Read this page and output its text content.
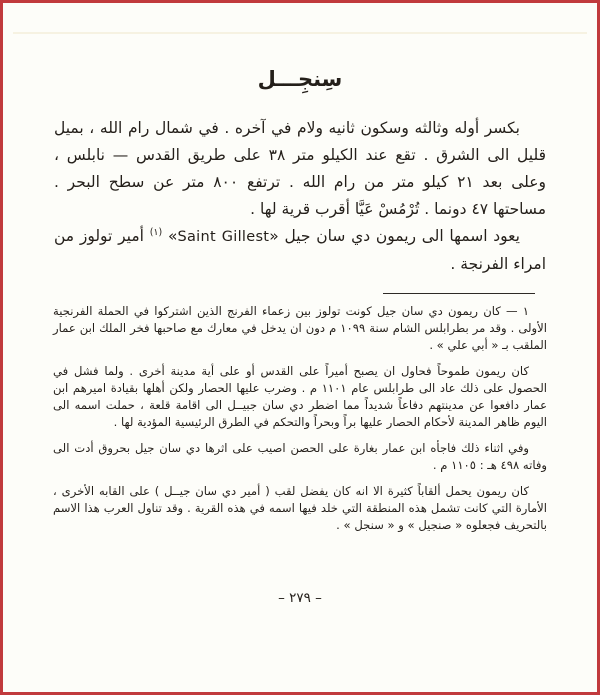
سِنجِـــل

بكسر أوله وثالثه وسكون ثانيه ولام في آخره . في شمال رام الله ، بميل قليل الى الشرق . تقع عند الكيلو متر ٣٨ على طريق القدس — نابلس ، وعلى بعد ٢١ كيلو متر من رام الله . ترتفع ٨٠٠ متر عن سطح البحر . مساحتها ٤٧ دونما . تُرْمُسْ عَيَّا أقرب قرية لها .

يعود اسمها الى ريمون دي سان جيل «Saint Gillest» $^{(١)}$ أمير تولوز من امراء الفرنجة .

١ — كان ريمون دي سان جيل كونت تولوز بين زعماء الفرنج الذين اشتركوا في الحملة الفرنجية الأولى . وقد مر بطرابلس الشام سنة ١٠٩٩ م دون ان يدخل في معارك مع صاحبها فخر الملك ابن عمار الملقب بـ « أبي علي » .

كان ريمون طموحاً فحاول ان يصبح أميراً على القدس أو على أية مدينة أخرى . ولما فشل في الحصول على ذلك عاد الى طرابلس عام ١١٠١ م . وضرب عليها الحصار ولكن أهلها بقيادة اميرهم ابن عمار دافعوا عن مدينتهم دفاعاً شديداً مما اضطر دي سان جبيــل الى اقامة قلعة ، حملت اسمه الى اليوم ظاهر المدينة لأحكام الحصار عليها براً وبحراً والتحكم في الطرق الرئيسية المؤدية لها .

وفي اثناء ذلك فاجأه ابن عمار بغارة على الحصن اصيب على اثرها دي سان جيل بحروق أدت الى وفاته ٤٩٨ هـ : ١١٠٥ م .

كان ريمون يحمل ألقاباً كثيرة الا انه كان يفضل لقب ( أمير دي سان جيــل ) على القابه الأخرى ، الأمارة التي كانت تشمل هذه المنطقة التي خلد فيها اسمه في هذه القرية . وقد تناول العرب هذا الاسم بالتحريف فجعلوه « صنجيل » و « سنجل » .

– ٢٧٩ –
